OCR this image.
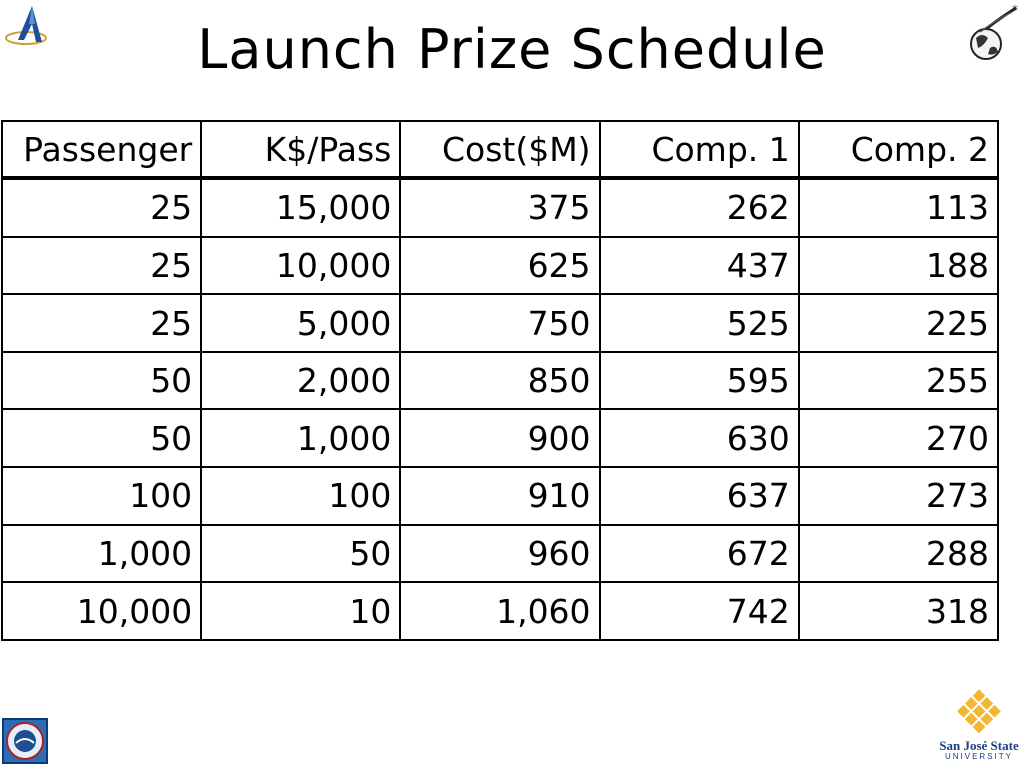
Launch Prize Schedule
*
Passenger	K$/Pass	Cost($M)	Comp. 1	Comp. 2
25	15,000	375	262	113
25	10,000	625	437	188
25	5,000	750	525	225
50	2,000	850	595	255
50	1,000	900	630	270
100	100	910	637	273
1,000	50	960	672	288
10,000	10	1,060	742	318
San José State
UNIVERSITY
